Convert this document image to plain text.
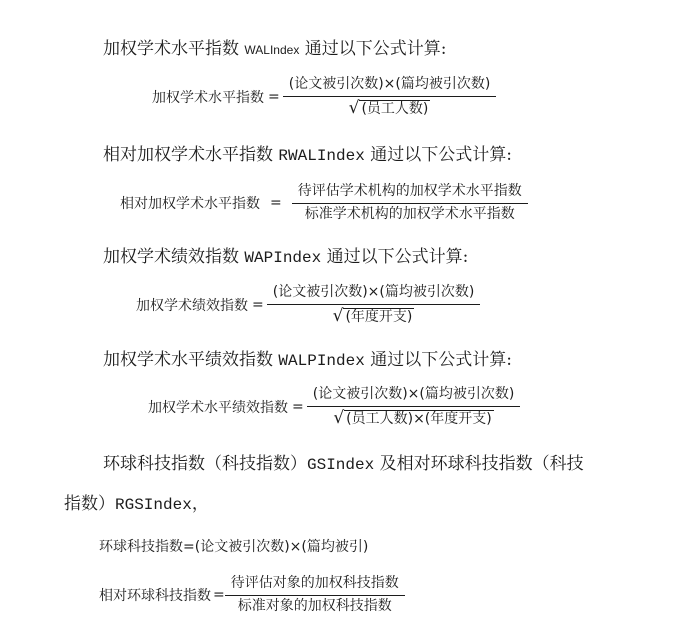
加权学术水平指数 WALIndex 通过以下公式计算:
加权学术水平指数 = $\frac{\text{(论文被引次数)×(篇均被引次数)}}{\text{√ (员工人数)}}$
相对加权学术水平指数 RWALIndex 通过以下公式计算:
相对加权学术水平指数 = $\frac{\text{待评估学术机构的加权学术水平指数}}{\text{标准学术机构的加权学术水平指数}}$
加权学术绩效指数 WAPIndex 通过以下公式计算:
加权学术绩效指数 = $\frac{\text{(论文被引次数)×(篇均被引次数)}}{\text{√ (年度开支)}}$
加权学术水平绩效指数 WALPIndex 通过以下公式计算:
加权学术水平绩效指数 = $\frac{\text{(论文被引次数)×(篇均被引次数)}}{\text{√ (员工人数)×(年度开支)}}$
环球科技指数（科技指数）GSIndex 及相对环球科技指数（科技
指数）RGSIndex，
环球科技指数=(论文被引次数)×(篇均被引)
相对环球科技指数 = $\frac{\text{待评估对象的加权科技指数}}{\text{标准对象的加权科技指数}}$
